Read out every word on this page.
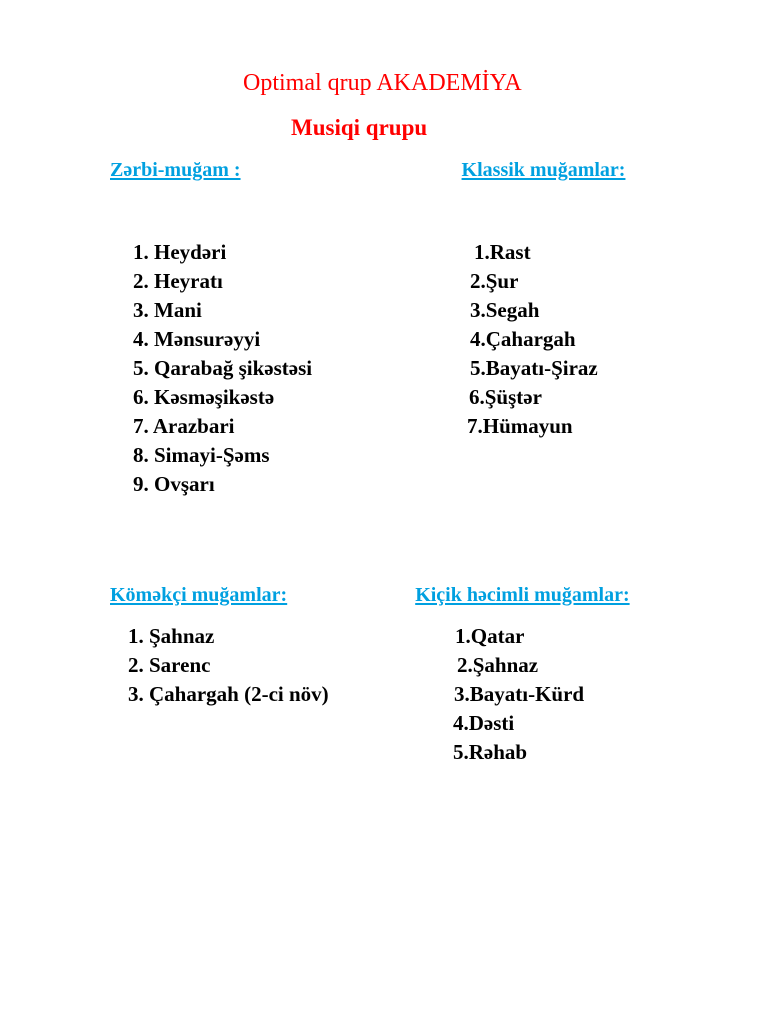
Optimal qrup AKADEMİYA
Musiqi qrupu
Zərbi-muğam :	Klassik muğamlar:
1. Heydəri
2. Heyratı
3. Mani
4. Mənsurəyyi
5. Qarabağ şikəstəsi
6. Kəsməşikəstə
7. Arazbari
8. Simayi-Şəms
9. Ovşarı
1.Rast
2.Şur
3.Segah
4.Çahargah
5.Bayatı-Şiraz
6.Şüştər
7.Hümayun
Köməkçi muğamlar:	Kiçik həcimli muğamlar:
1. Şahnaz
2. Sarenc
3. Çahargah (2-ci növ)
1.Qatar
2.Şahnaz
3.Bayatı-Kürd
4.Dəsti
5.Rəhab
